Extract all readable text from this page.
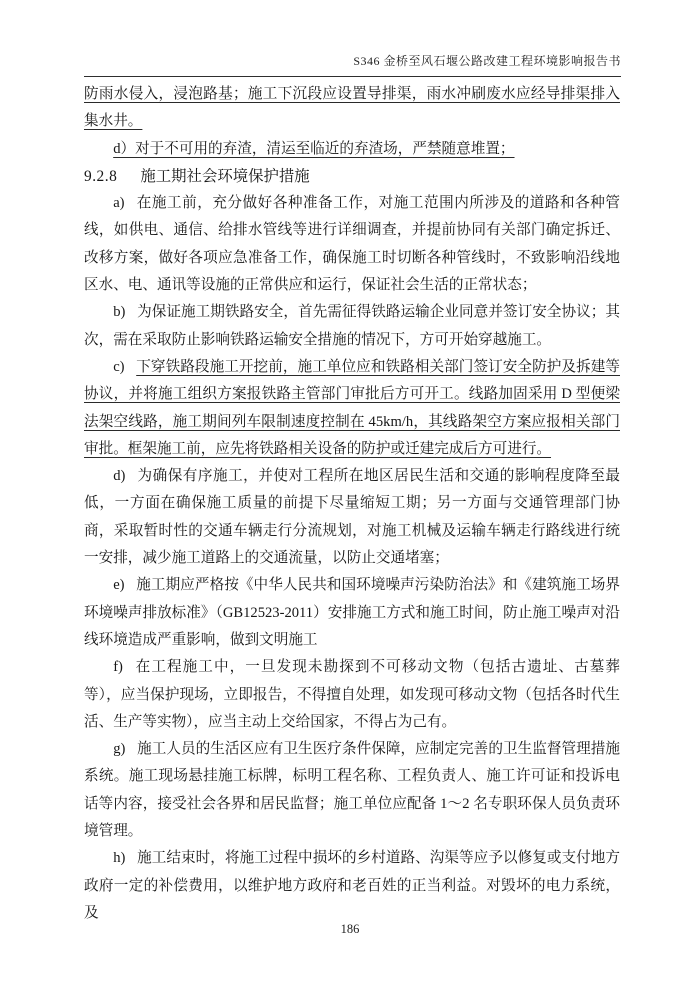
S346 金桥至风石堰公路改建工程环境影响报告书

防雨水侵入，浸泡路基；施工下沉段应设置导排渠，雨水冲刷废水应经导排渠排入集水井。

d）对于不可用的弃渣，清运至临近的弃渣场，严禁随意堆置；

9.2.8 施工期社会环境保护措施

a) 在施工前，充分做好各种准备工作，对施工范围内所涉及的道路和各种管线，如供电、通信、给排水管线等进行详细调查，并提前协同有关部门确定拆迁、改移方案，做好各项应急准备工作，确保施工时切断各种管线时，不致影响沿线地区水、电、通讯等设施的正常供应和运行，保证社会生活的正常状态；

b) 为保证施工期铁路安全，首先需征得铁路运输企业同意并签订安全协议；其次，需在采取防止影响铁路运输安全措施的情况下，方可开始穿越施工。

c) 下穿铁路段施工开挖前，施工单位应和铁路相关部门签订安全防护及拆建等协议，并将施工组织方案报铁路主管部门审批后方可开工。线路加固采用 D 型便梁法架空线路，施工期间列车限制速度控制在 45km/h，其线路架空方案应报相关部门审批。框架施工前，应先将铁路相关设备的防护或迁建完成后方可进行。

d) 为确保有序施工，并使对工程所在地区居民生活和交通的影响程度降至最低，一方面在确保施工质量的前提下尽量缩短工期；另一方面与交通管理部门协商，采取暂时性的交通车辆走行分流规划，对施工机械及运输车辆走行路线进行统一安排，减少施工道路上的交通流量，以防止交通堵塞；

e) 施工期应严格按《中华人民共和国环境噪声污染防治法》和《建筑施工场界环境噪声排放标准》（GB12523-2011）安排施工方式和施工时间，防止施工噪声对沿线环境造成严重影响，做到文明施工

f) 在工程施工中，一旦发现未勘探到不可移动文物（包括古遗址、古墓葬等），应当保护现场，立即报告，不得擅自处理，如发现可移动文物（包括各时代生活、生产等实物），应当主动上交给国家，不得占为己有。

g) 施工人员的生活区应有卫生医疗条件保障，应制定完善的卫生监督管理措施系统。施工现场悬挂施工标牌，标明工程名称、工程负责人、施工许可证和投诉电话等内容，接受社会各界和居民监督；施工单位应配备 1～2 名专职环保人员负责环境管理。

h) 施工结束时，将施工过程中损坏的乡村道路、沟渠等应予以修复或支付地方政府一定的补偿费用，以维护地方政府和老百姓的正当利益。对毁坏的电力系统，及

186
